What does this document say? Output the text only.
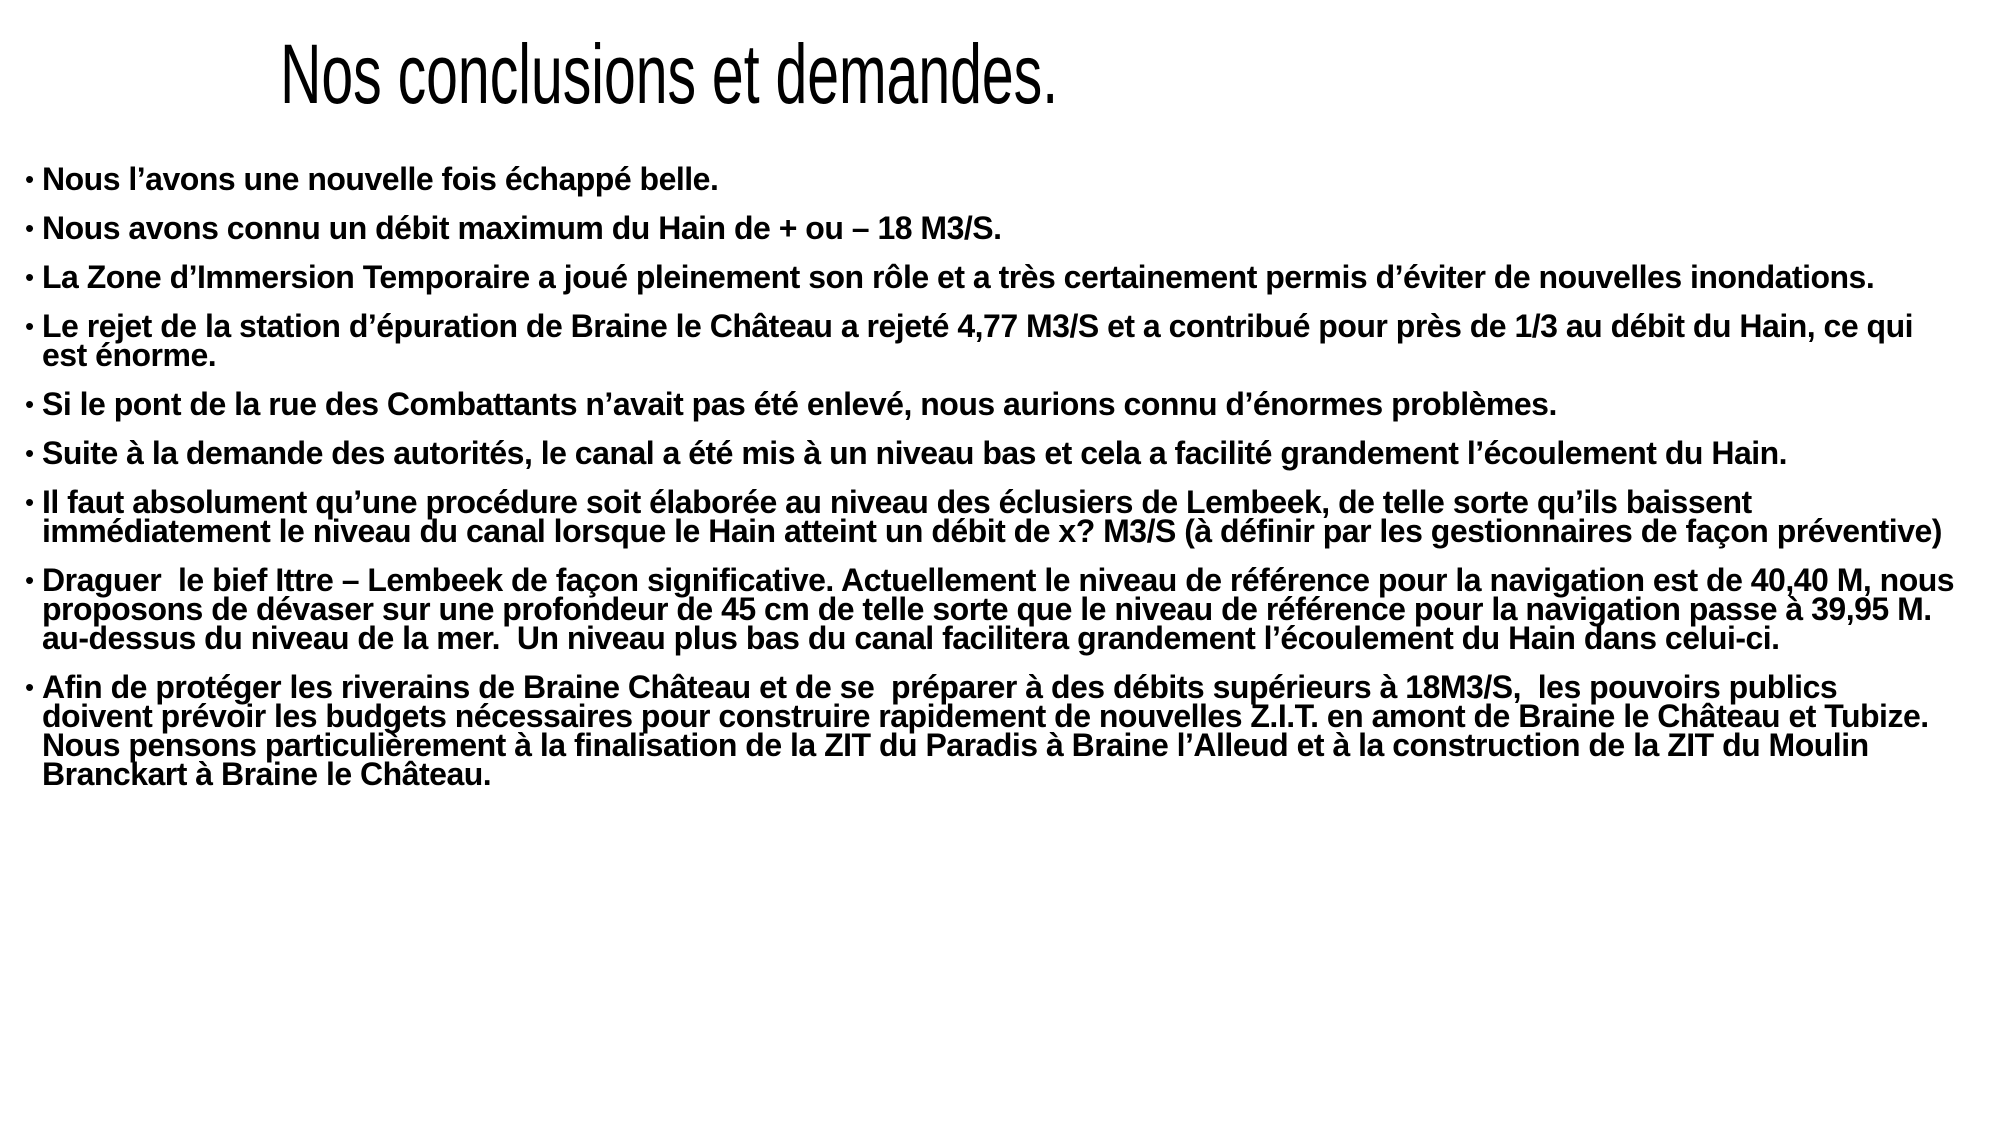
Nos conclusions et demandes.
• Nous l’avons une nouvelle fois échappé belle.
• Nous avons connu un débit maximum du Hain de + ou – 18 M3/S.
• La Zone d’Immersion Temporaire a joué pleinement son rôle et a très certainement permis d’éviter de nouvelles inondations.
• Le rejet de la station d’épuration de Braine le Château a rejeté 4,77 M3/S et a contribué pour près de 1/3 au débit du Hain, ce qui est énorme.
• Si le pont de la rue des Combattants n’avait pas été enlevé, nous aurions connu d’énormes problèmes.
• Suite à la demande des autorités, le canal a été mis à un niveau bas et cela a facilité grandement l’écoulement du Hain.
• Il faut absolument qu’une procédure soit élaborée au niveau des éclusiers de Lembeek, de telle sorte qu’ils baissent immédiatement le niveau du canal lorsque le Hain atteint un débit de x? M3/S (à définir par les gestionnaires de façon préventive)
• Draguer  le bief Ittre – Lembeek de façon significative. Actuellement le niveau de référence pour la navigation est de 40,40 M, nous proposons de dévaser sur une profondeur de 45 cm de telle sorte que le niveau de référence pour la navigation passe à 39,95 M. au-dessus du niveau de la mer.  Un niveau plus bas du canal facilitera grandement l’écoulement du Hain dans celui-ci.
• Afin de protéger les riverains de Braine Château et de se  préparer à des débits supérieurs à 18M3/S,  les pouvoirs publics doivent prévoir les budgets nécessaires pour construire rapidement de nouvelles Z.I.T. en amont de Braine le Château et Tubize. Nous pensons particulièrement à la finalisation de la ZIT du Paradis à Braine l’Alleud et à la construction de la ZIT du Moulin Branckart à Braine le Château.
